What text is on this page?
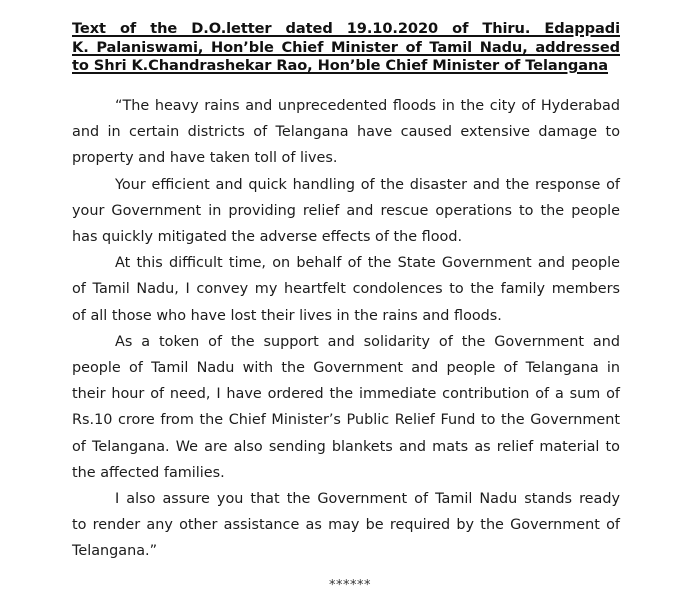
Text of the D.O.letter dated 19.10.2020 of Thiru. Edappadi
K. Palaniswami, Hon’ble Chief Minister of Tamil Nadu, addressed
to Shri K.Chandrashekar Rao, Hon’ble Chief Minister of Telangana

“The heavy rains and unprecedented floods in the city of Hyderabad
and in certain districts of Telangana have caused extensive damage to
property and have taken toll of lives.

Your efficient and quick handling of the disaster and the response of
your Government in providing relief and rescue operations to the people
has quickly mitigated the adverse effects of the flood.

At this difficult time, on behalf of the State Government and people
of Tamil Nadu, I convey my heartfelt condolences to the family members
of all those who have lost their lives in the rains and floods.

As a token of the support and solidarity of the Government and
people of Tamil Nadu with the Government and people of Telangana in
their hour of need, I have ordered the immediate contribution of a sum of
Rs.10 crore from the Chief Minister’s Public Relief Fund to the Government
of Telangana. We are also sending blankets and mats as relief material to
the affected families.

I also assure you that the Government of Tamil Nadu stands ready
to render any other assistance as may be required by the Government of
Telangana.”

******
